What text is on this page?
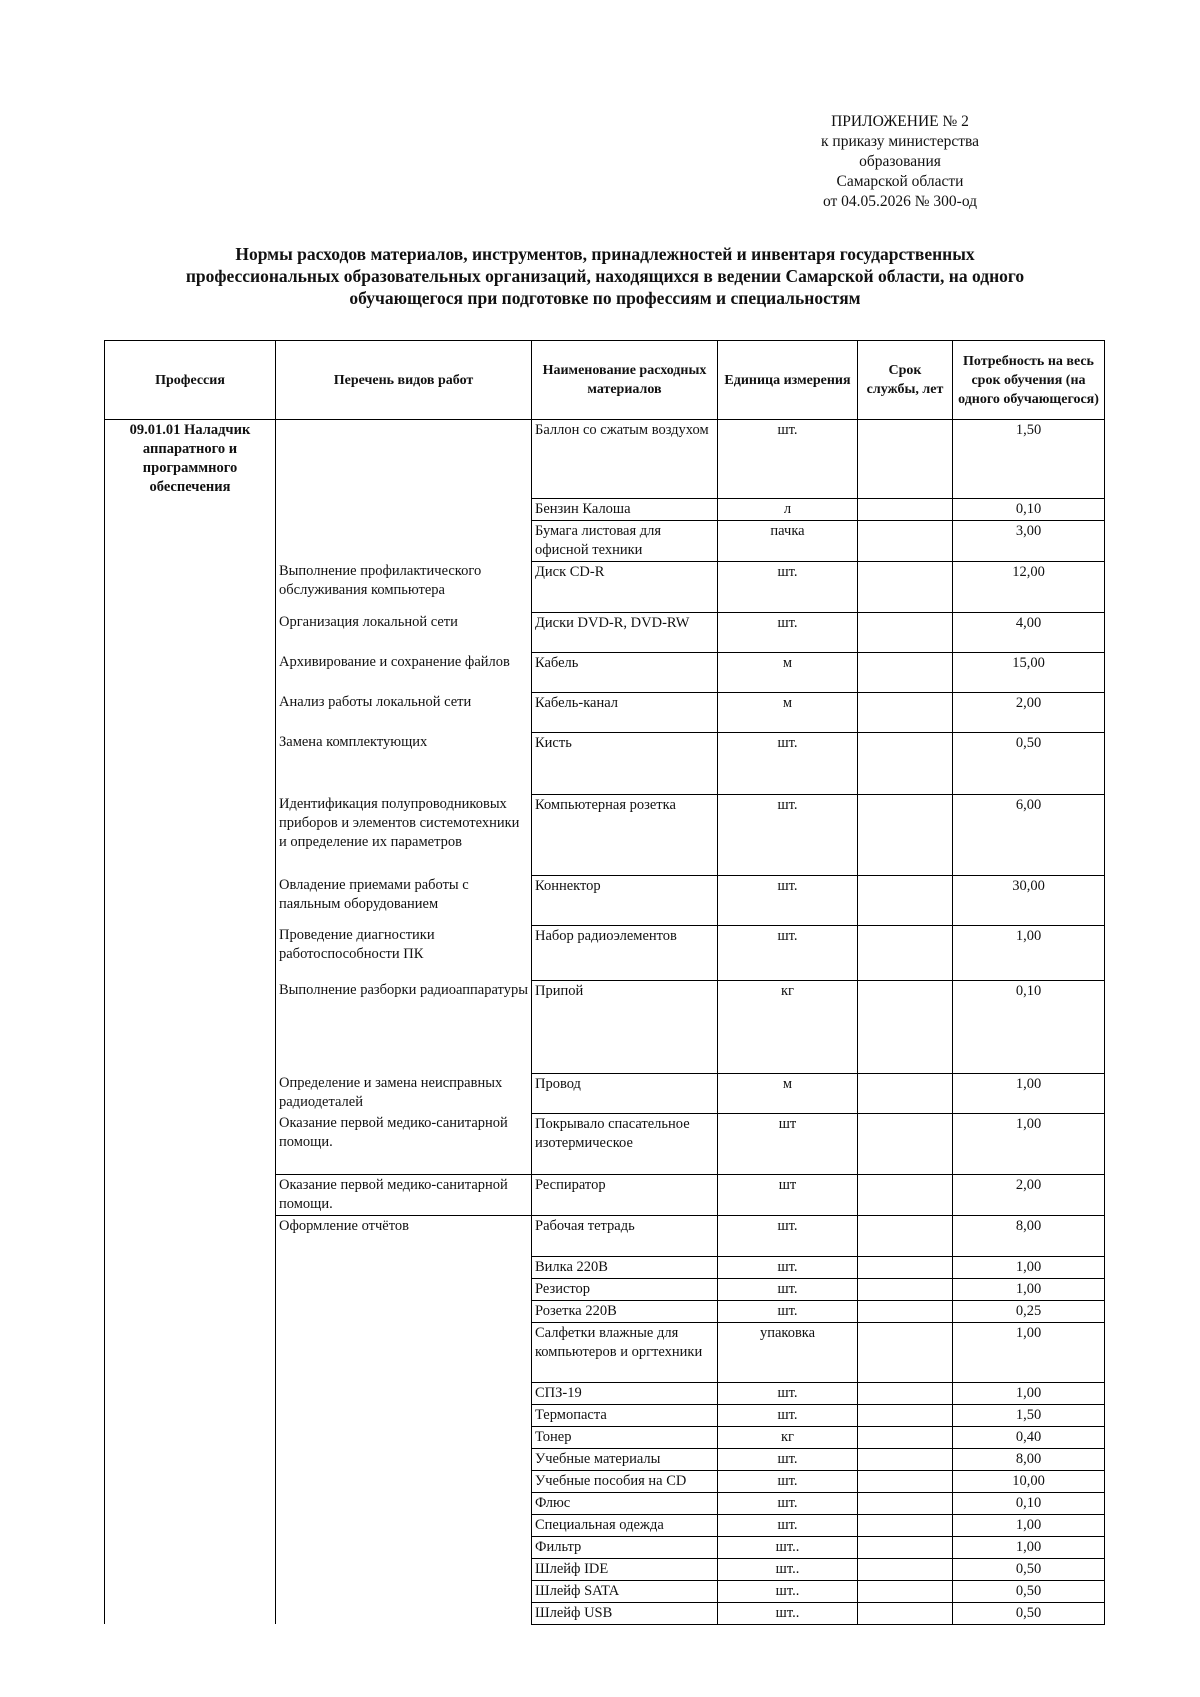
ПРИЛОЖЕНИЕ № 2
к приказу министерства
образования
Самарской области
от 04.05.2026 № 300-од
Нормы расходов материалов, инструментов, принадлежностей и инвентаря государственных
профессиональных образовательных организаций, находящихся в ведении Самарской области, на одного
обучающегося при подготовке по профессиям и специальностям
Профессия	Перечень видов работ	Наименование расходных материалов	Единица измерения	Срок службы, лет	Потребность на весь срок обучения (на одного обучающегося)
09.01.01 Наладчик аппаратного и программного обеспечения		Баллон со сжатым воздухом	шт.		1,50
		Бензин Калоша	л		0,10
		Бумага листовая для офисной техники	пачка		3,00
	Выполнение профилактического обслуживания компьютера	Диск CD-R	шт.		12,00
	Организация локальной сети	Диски DVD-R, DVD-RW	шт.		4,00
	Архивирование и сохранение файлов	Кабель	м		15,00
	Анализ работы локальной сети	Кабель-канал	м		2,00
	Замена комплектующих	Кисть	шт.		0,50
	Идентификация полупроводниковых приборов и элементов системотехники и определение их параметров	Компьютерная розетка	шт.		6,00
	Овладение приемами работы с паяльным оборудованием	Коннектор	шт.		30,00
	Проведение диагностики работоспособности ПК	Набор радиоэлементов	шт.		1,00
	Выполнение разборки радиоаппаратуры	Припой	кг		0,10
	Определение и замена неисправных радиодеталей	Провод	м		1,00
	Оказание первой медико-санитарной помощи.	Покрывало спасательное изотермическое	шт		1,00
	Оказание первой медико-санитарной помощи.	Респиратор	шт		2,00
	Оформление отчётов	Рабочая тетрадь	шт.		8,00
		Вилка 220В	шт.		1,00
		Резистор	шт.		1,00
		Розетка 220В	шт.		0,25
		Салфетки влажные для компьютеров и оргтехники	упаковка		1,00
		СПЗ-19	шт.		1,00
		Термопаста	шт.		1,50
		Тонер	кг		0,40
		Учебные материалы	шт.		8,00
		Учебные пособия на CD	шт.		10,00
		Флюс	шт.		0,10
		Специальная одежда	шт.		1,00
		Фильтр	шт..		1,00
		Шлейф IDE	шт..		0,50
		Шлейф SATA	шт..		0,50
		Шлейф USB	шт..		0,50
